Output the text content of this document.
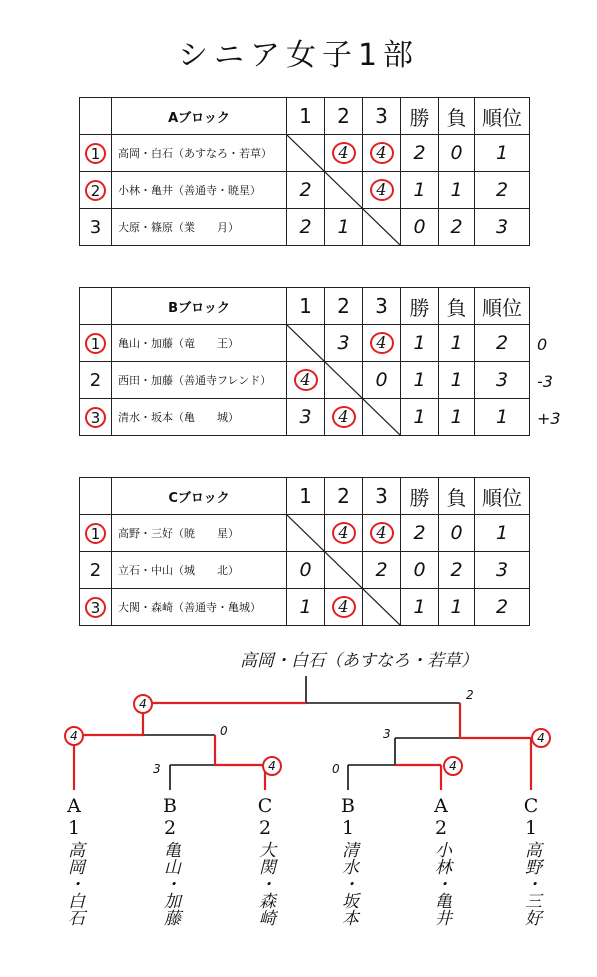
シニア女子1部
	Aブロック	1	2	3	勝	負	順位
1	高岡・白石（あすなろ・若草）		4	4	2	0	1
2	小林・亀井（善通寺・暁星）	2		4	1	1	2
3	大原・篠原（業　　月）	2	1		0	2	3
	Bブロック	1	2	3	勝	負	順位
1	亀山・加藤（竜　　王）		3	4	1	1	2
2	西田・加藤（善通寺フレンド）	4		0	1	1	3
3	清水・坂本（亀　　城）	3	4		1	1	1
	Cブロック	1	2	3	勝	負	順位
1	高野・三好（暁　　星）		4	4	2	0	1
2	立石・中山（城　　北）	0		2	0	2	3
3	大関・森崎（善通寺・亀城）	1	4		1	1	2
高岡・白石（あすなろ・若草）
4
2
4	0	3	4
3	4	0	4
A
1
高岡・白石
B
2
亀山・加藤
C
2
大関・森崎
B
1
清水・坂本
A
2
小林・亀井
C
1
高野・三好
0
-3
+3
